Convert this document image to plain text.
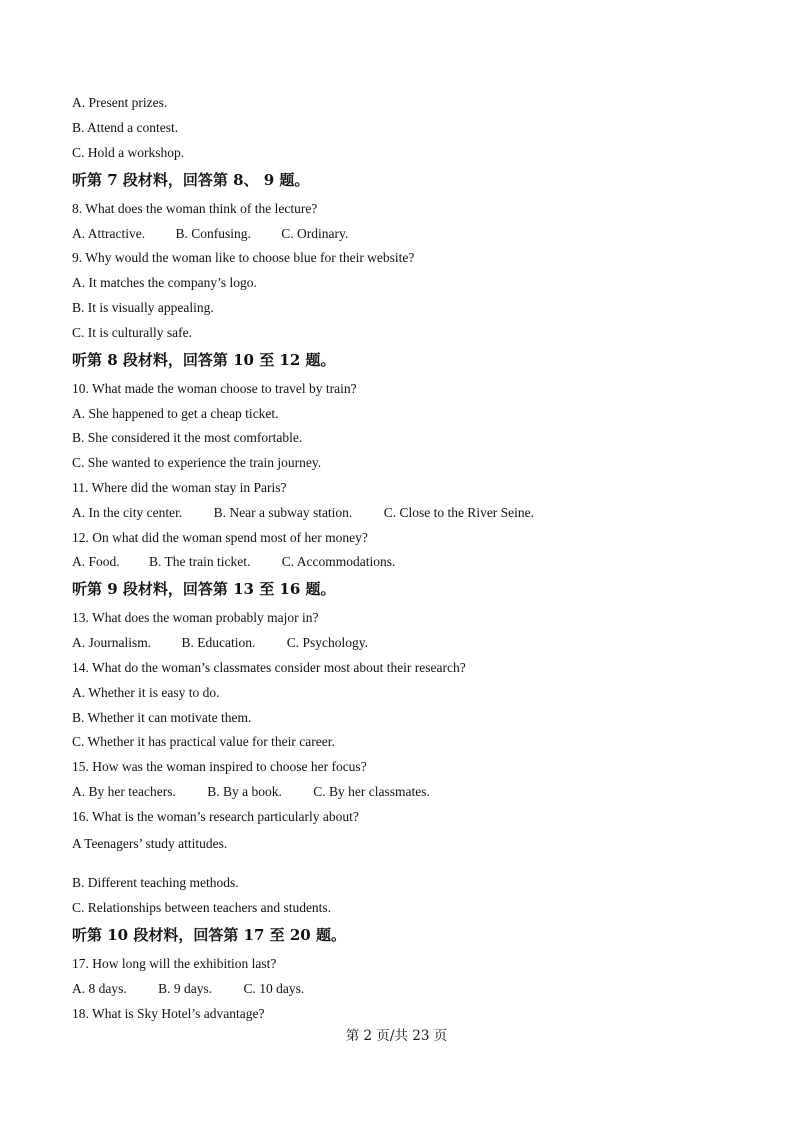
A. Present prizes.
B. Attend a contest.
C. Hold a workshop.
听第 7 段材料，回答第 8、 9 题。
8. What does the woman think of the lecture?
A. Attractive. B. Confusing. C. Ordinary.
9. Why would the woman like to choose blue for their website?
A. It matches the company’s logo.
B. It is visually appealing.
C. It is culturally safe.
听第 8 段材料，回答第 10 至 12 题。
10. What made the woman choose to travel by train?
A. She happened to get a cheap ticket.
B. She considered it the most comfortable.
C. She wanted to experience the train journey.
11. Where did the woman stay in Paris?
A. In the city center. B. Near a subway station. C. Close to the River Seine.
12. On what did the woman spend most of her money?
A. Food. B. The train ticket. C. Accommodations.
听第 9 段材料，回答第 13 至 16 题。
13. What does the woman probably major in?
A. Journalism. B. Education. C. Psychology.
14. What do the woman’s classmates consider most about their research?
A. Whether it is easy to do.
B. Whether it can motivate them.
C. Whether it has practical value for their career.
15. How was the woman inspired to choose her focus?
A. By her teachers. B. By a book. C. By her classmates.
16. What is the woman’s research particularly about?
A Teenagers’ study attitudes.
B. Different teaching methods.
C. Relationships between teachers and students.
听第 10 段材料，回答第 17 至 20 题。
17. How long will the exhibition last?
A. 8 days. B. 9 days. C. 10 days.
18. What is Sky Hotel’s advantage?
第 2 页/共 23 页
